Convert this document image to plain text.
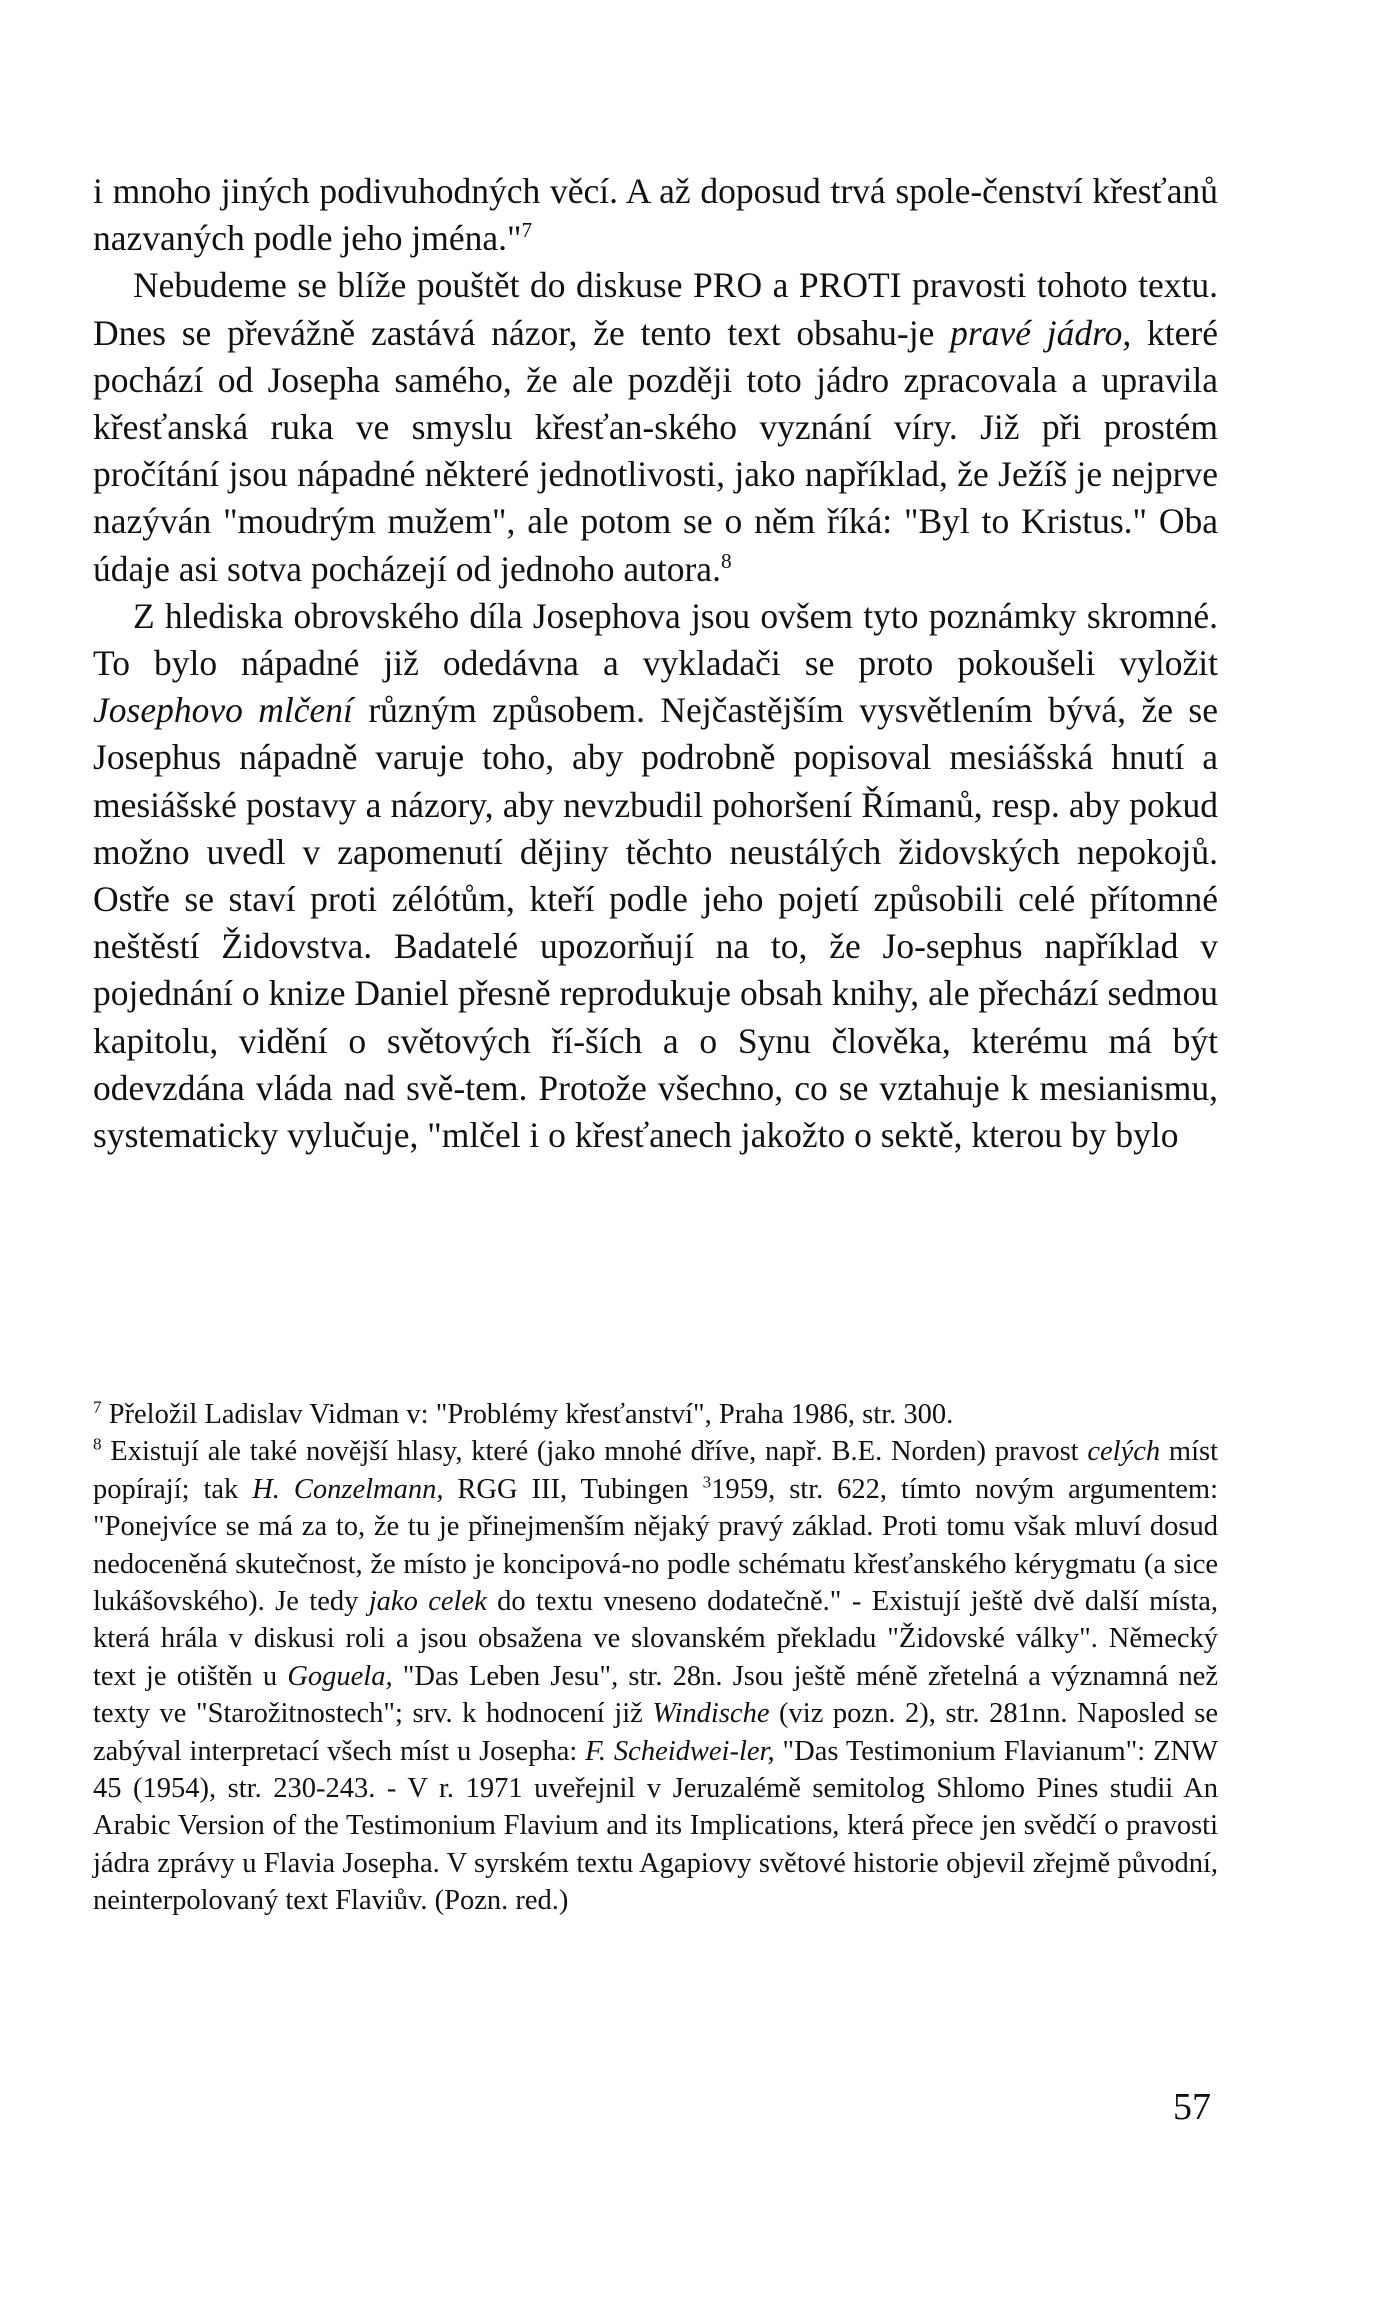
i mnoho jiných podivuhodných věcí. A až doposud trvá spole-čenství křesťanů nazvaných podle jeho jména."$^7$

Nebudeme se blíže pouštět do diskuse PRO a PROTI pravosti tohoto textu. Dnes se převážně zastává názor, že tento text obsahu-je pravé jádro, které pochází od Josepha samého, že ale později toto jádro zpracovala a upravila křesťanská ruka ve smyslu křesťan-ského vyznání víry. Již při prostém pročítání jsou nápadné některé jednotlivosti, jako například, že Ježíš je nejprve nazýván "moudrým mužem", ale potom se o něm říká: "Byl to Kristus." Oba údaje asi sotva pocházejí od jednoho autora.$^8$

Z hlediska obrovského díla Josephova jsou ovšem tyto poznámky skromné. To bylo nápadné již odedávna a vykladači se proto pokoušeli vyložit Josephovo mlčení různým způsobem. Nejčastějším vysvětlením bývá, že se Josephus nápadně varuje toho, aby podrobně popisoval mesiášská hnutí a mesiášské postavy a názory, aby nevzbudil pohoršení Římanů, resp. aby pokud možno uvedl v zapomenutí dějiny těchto neustálých židovských nepokojů. Ostře se staví proti zélótům, kteří podle jeho pojetí způsobili celé přítomné neštěstí Židovstva. Badatelé upozorňují na to, že Jo-sephus například v pojednání o knize Daniel přesně reprodukuje obsah knihy, ale přechází sedmou kapitolu, vidění o světových ří-ších a o Synu člověka, kterému má být odevzdána vláda nad svě-tem. Protože všechno, co se vztahuje k mesianismu, systematicky vylučuje, "mlčel i o křesťanech jakožto o sektě, kterou by bylo

$^7$ Přeložil Ladislav Vidman v: "Problémy křesťanství", Praha 1986, str. 300.

$^8$ Existují ale také novější hlasy, které (jako mnohé dříve, např. B.E. Norden) pravost celých míst popírají; tak H. Conzelmann, RGG III, Tubingen $^3$1959, str. 622, tímto novým argumentem: "Ponejvíce se má za to, že tu je přinejmenším nějaký pravý základ. Proti tomu však mluví dosud nedoceněná skutečnost, že místo je koncipová-no podle schématu křesťanského kérygmatu (a sice lukášovského). Je tedy jako celek do textu vneseno dodatečně." - Existují ještě dvě další místa, která hrála v diskusi roli a jsou obsažena ve slovanském překladu "Židovské války". Německý text je otištěn u Goguela, "Das Leben Jesu", str. 28n. Jsou ještě méně zřetelná a významná než texty ve "Starožitnostech"; srv. k hodnocení již Windische (viz pozn. 2), str. 281nn. Naposled se zabýval interpretací všech míst u Josepha: F. Scheidwei-ler, "Das Testimonium Flavianum": ZNW 45 (1954), str. 230-243. - V r. 1971 uveřejnil v Jeruzalémě semitolog Shlomo Pines studii An Arabic Version of the Testimonium Flavium and its Implications, která přece jen svědčí o pravosti jádra zprávy u Flavia Josepha. V syrském textu Agapiovy světové historie objevil zřejmě původní, neinterpolovaný text Flaviův. (Pozn. red.)

57
